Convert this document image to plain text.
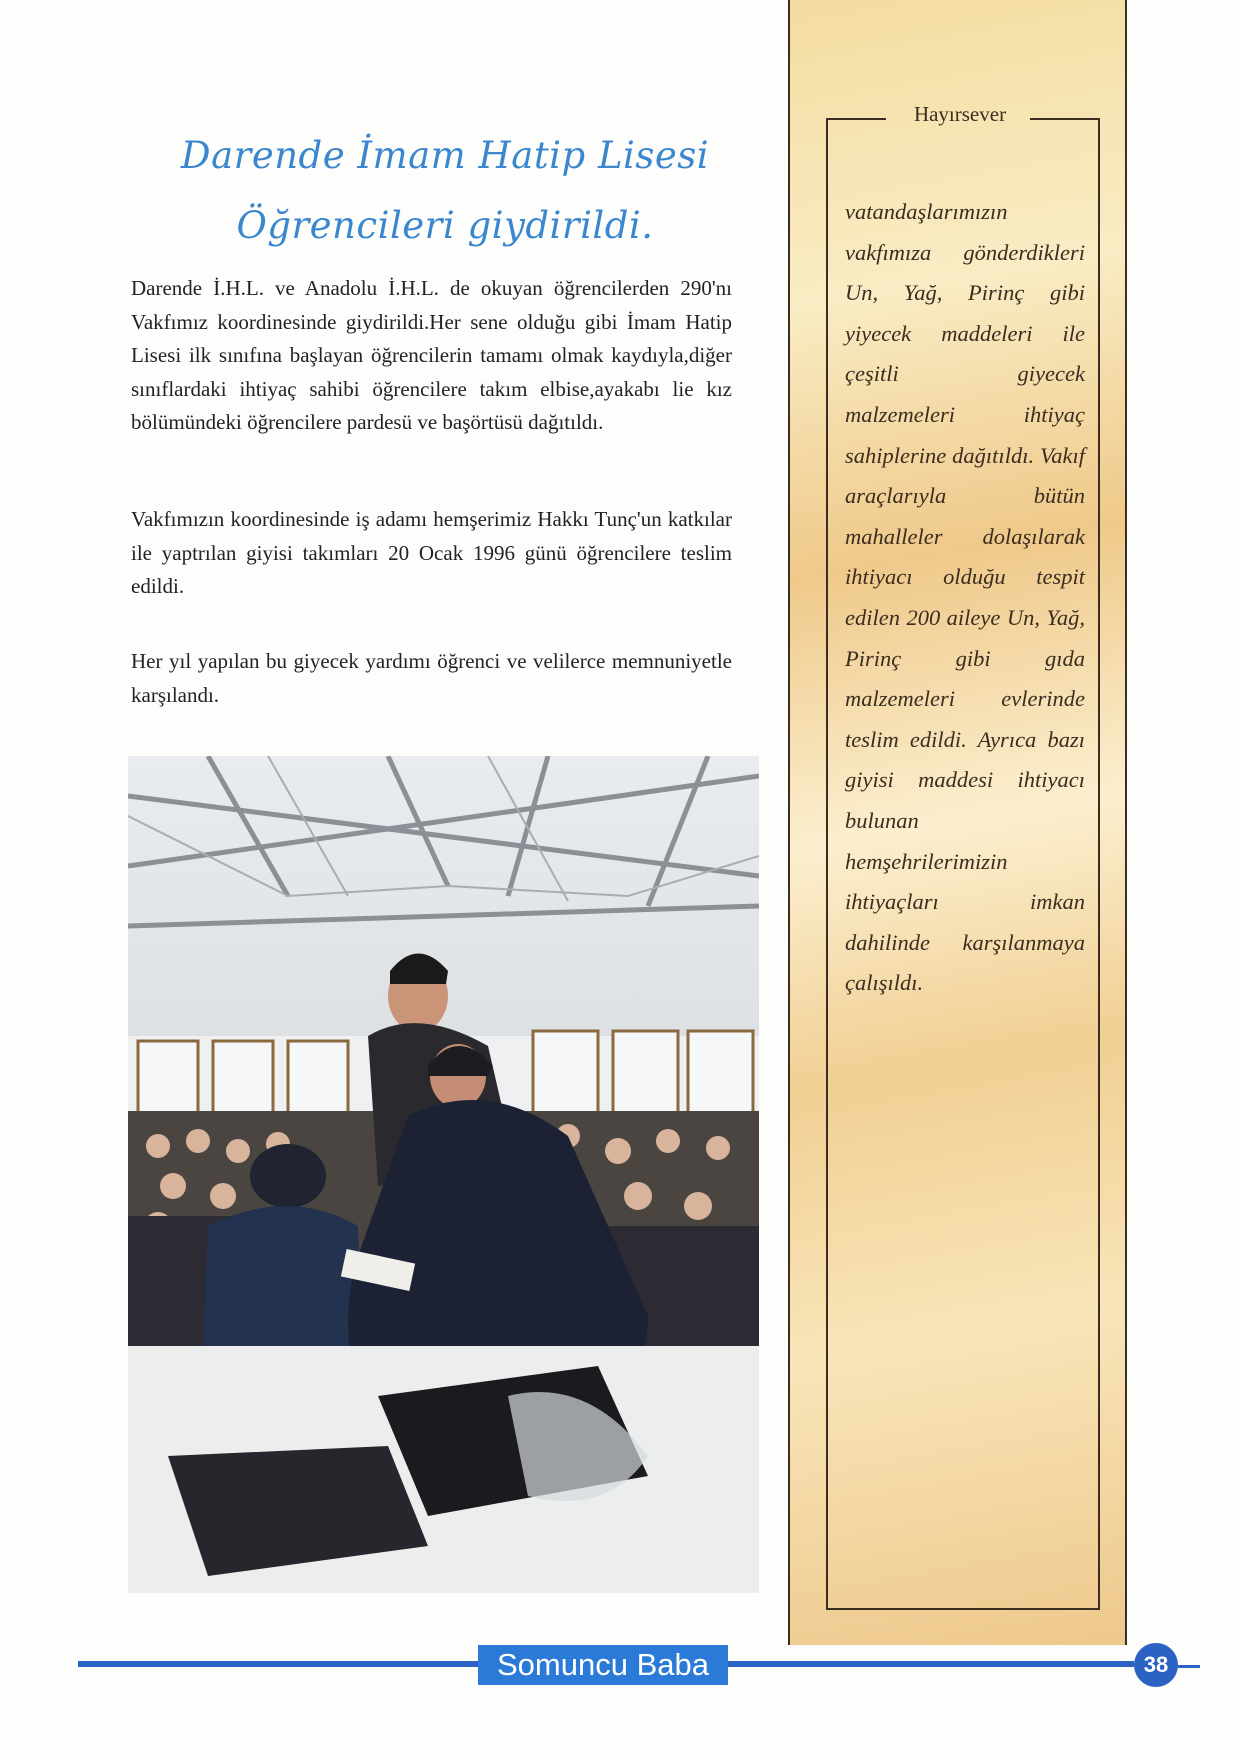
Darende İmam Hatip Lisesi
Öğrencileri giydirildi.

Darende İ.H.L. ve Anadolu İ.H.L. de okuyan öğrencilerden 290'nı Vakfımız koordinesinde giydirildi.Her sene olduğu gibi İmam Hatip Lisesi ilk sınıfına başlayan öğrencilerin tamamı olmak kaydıyla,diğer sınıflardaki ihtiyaç sahibi öğrencilere takım elbise,ayakabı lie kız bölümündeki öğrencilere pardesü ve başörtüsü dağıtıldı.

Vakfımızın koordinesinde iş adamı hemşerimiz Hakkı Tunç'un katkılar ile yaptrılan giyisi takımları 20 Ocak 1996 günü öğrencilere teslim edildi.

Her yıl yapılan bu giyecek yardımı öğrenci ve velilerce memnuniyetle karşılandı.

Hayırsever

vatandaşlarımızın vakfımıza gönderdikleri Un, Yağ, Pirinç gibi yiyecek maddeleri ile çeşitli giyecek malzemeleri ihtiyaç sahiplerine dağıtıldı. Vakıf araçlarıyla bütün mahalleler dolaşılarak ihtiyacı olduğu tespit edilen 200 aileye Un, Yağ, Pirinç gibi gıda malzemeleri evlerinde teslim edildi. Ayrıca bazı giyisi maddesi ihtiyacı bulunan hemşehrilerimizin ihtiyaçları imkan dahilinde karşılanmaya çalışıldı.

Somuncu Baba	38
